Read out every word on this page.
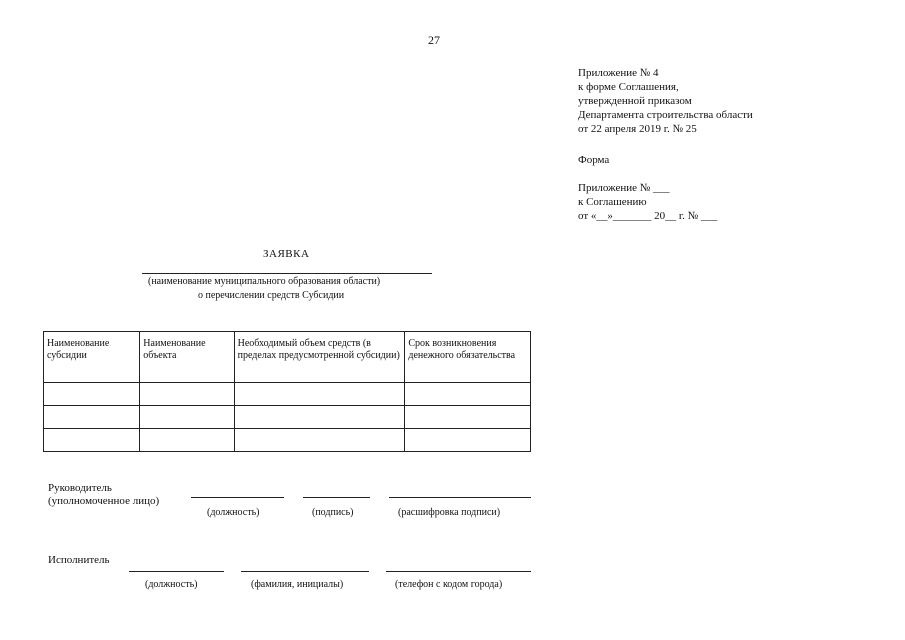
27
Приложение № 4
к форме Соглашения,
утвержденной приказом
Департамента строительства области
от 22 апреля 2019 г. № 25
Форма
Приложение № ___
к Соглашению
от «__»_______ 20__ г. № ___
ЗАЯВКА
(наименование муниципального образования области)
о перечислении средств Субсидии
Наименование субсидии	Наименование объекта	Необходимый объем средств (в пределах предусмотренной субсидии)	Срок возникновения денежного обязательства

Руководитель
(уполномоченное лицо)
(должность)	(подпись)	(расшифровка подписи)
Исполнитель
(должность)	(фамилия, инициалы)	(телефон с кодом города)
